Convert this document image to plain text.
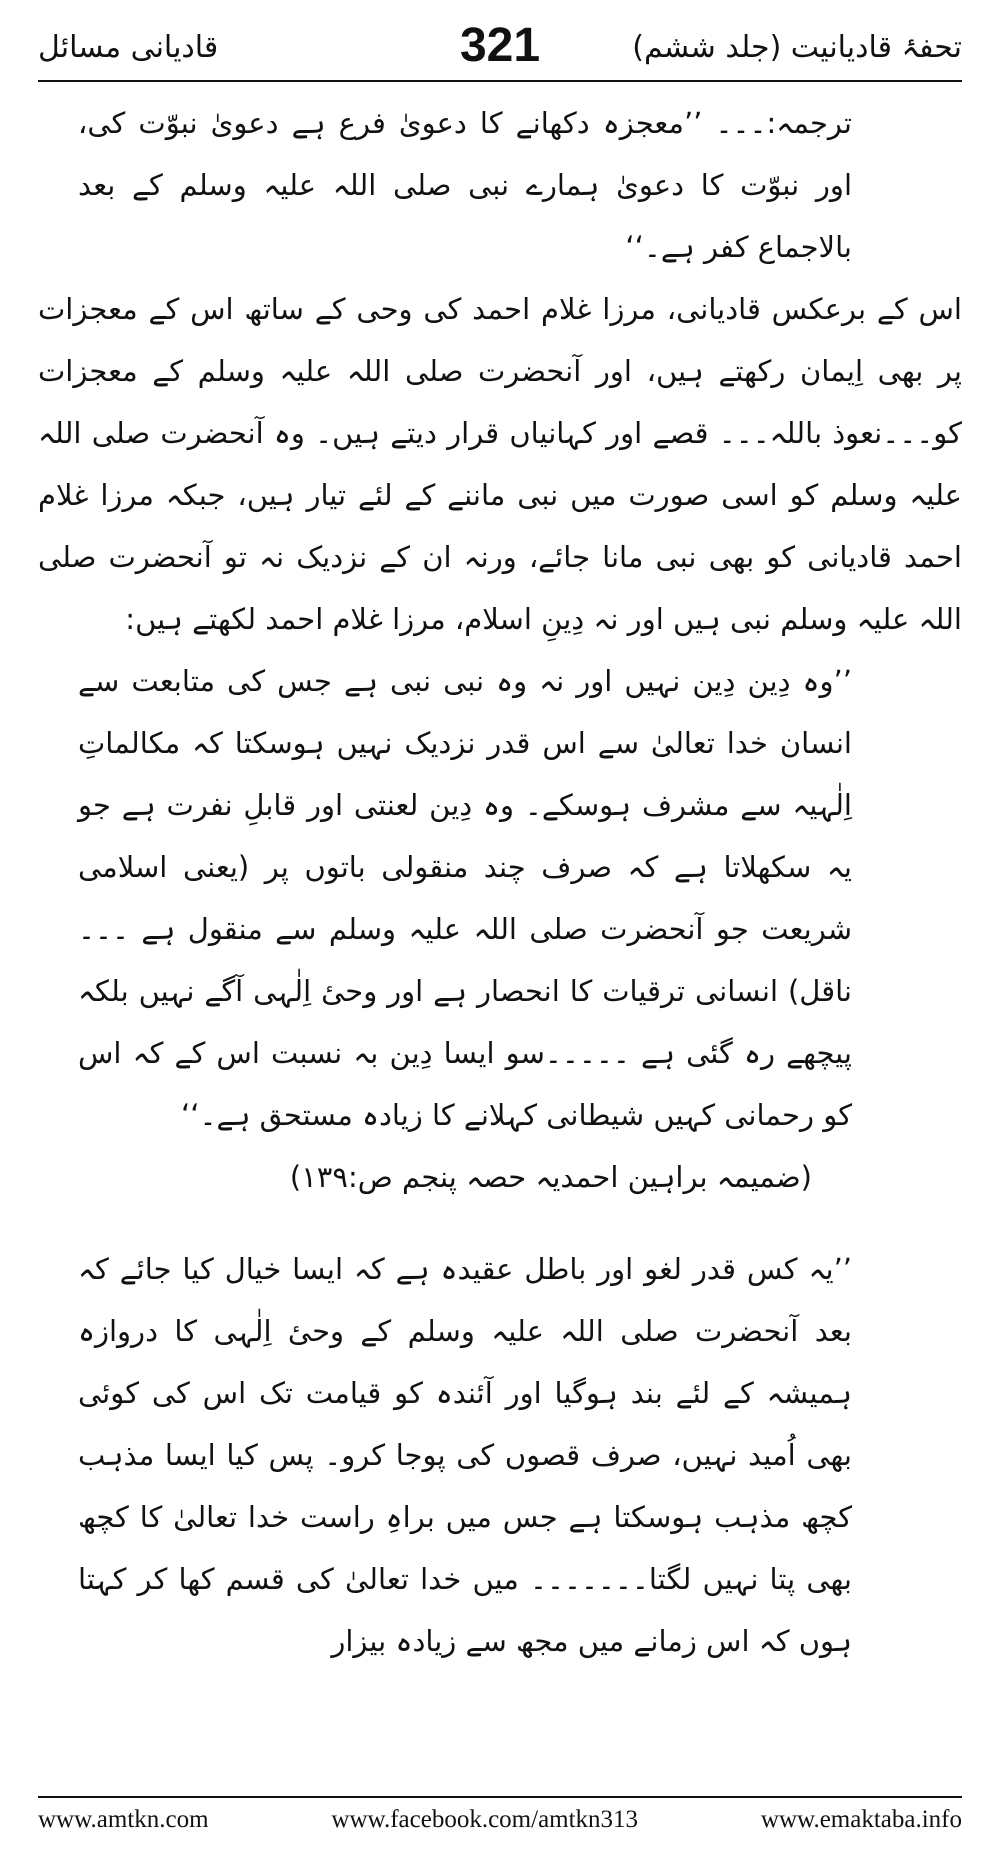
قادیانی مسائل	321	تحفۂ قادیانیت (جلد ششم)

ترجمہ:۔۔۔ ’’معجزہ دکھانے کا دعویٰ فرع ہے دعویٰ نبوّت کی، اور نبوّت کا دعویٰ ہمارے نبی صلی اللہ علیہ وسلم کے بعد بالاجماع کفر ہے۔‘‘

اس کے برعکس قادیانی، مرزا غلام احمد کی وحی کے ساتھ اس کے معجزات پر بھی اِیمان رکھتے ہیں، اور آنحضرت صلی اللہ علیہ وسلم کے معجزات کو۔۔۔نعوذ باللہ۔۔۔ قصے اور کہانیاں قرار دیتے ہیں۔ وہ آنحضرت صلی اللہ علیہ وسلم کو اسی صورت میں نبی ماننے کے لئے تیار ہیں، جبکہ مرزا غلام احمد قادیانی کو بھی نبی مانا جائے، ورنہ ان کے نزدیک نہ تو آنحضرت صلی اللہ علیہ وسلم نبی ہیں اور نہ دِینِ اسلام، مرزا غلام احمد لکھتے ہیں:

’’وہ دِین دِین نہیں اور نہ وہ نبی نبی ہے جس کی متابعت سے انسان خدا تعالیٰ سے اس قدر نزدیک نہیں ہوسکتا کہ مکالماتِ اِلٰہیہ سے مشرف ہوسکے۔ وہ دِین لعنتی اور قابلِ نفرت ہے جو یہ سکھلاتا ہے کہ صرف چند منقولی باتوں پر (یعنی اسلامی شریعت جو آنحضرت صلی اللہ علیہ وسلم سے منقول ہے ۔۔۔ناقل) انسانی ترقیات کا انحصار ہے اور وحیٔ اِلٰہی آگے نہیں بلکہ پیچھے رہ گئی ہے ۔۔۔۔۔سو ایسا دِین بہ نسبت اس کے کہ اس کو رحمانی کہیں شیطانی کہلانے کا زیادہ مستحق ہے۔‘‘

(ضمیمہ براہین احمدیہ حصہ پنجم ص:۱۳۹)

’’یہ کس قدر لغو اور باطل عقیدہ ہے کہ ایسا خیال کیا جائے کہ بعد آنحضرت صلی اللہ علیہ وسلم کے وحیٔ اِلٰہی کا دروازہ ہمیشہ کے لئے بند ہوگیا اور آئندہ کو قیامت تک اس کی کوئی بھی اُمید نہیں، صرف قصوں کی پوجا کرو۔ پس کیا ایسا مذہب کچھ مذہب ہوسکتا ہے جس میں براہِ راست خدا تعالیٰ کا کچھ بھی پتا نہیں لگتا۔۔۔۔۔۔۔ میں خدا تعالیٰ کی قسم کھا کر کہتا ہوں کہ اس زمانے میں مجھ سے زیادہ بیزار

www.amtkn.com	www.facebook.com/amtkn313	www.emaktaba.info
